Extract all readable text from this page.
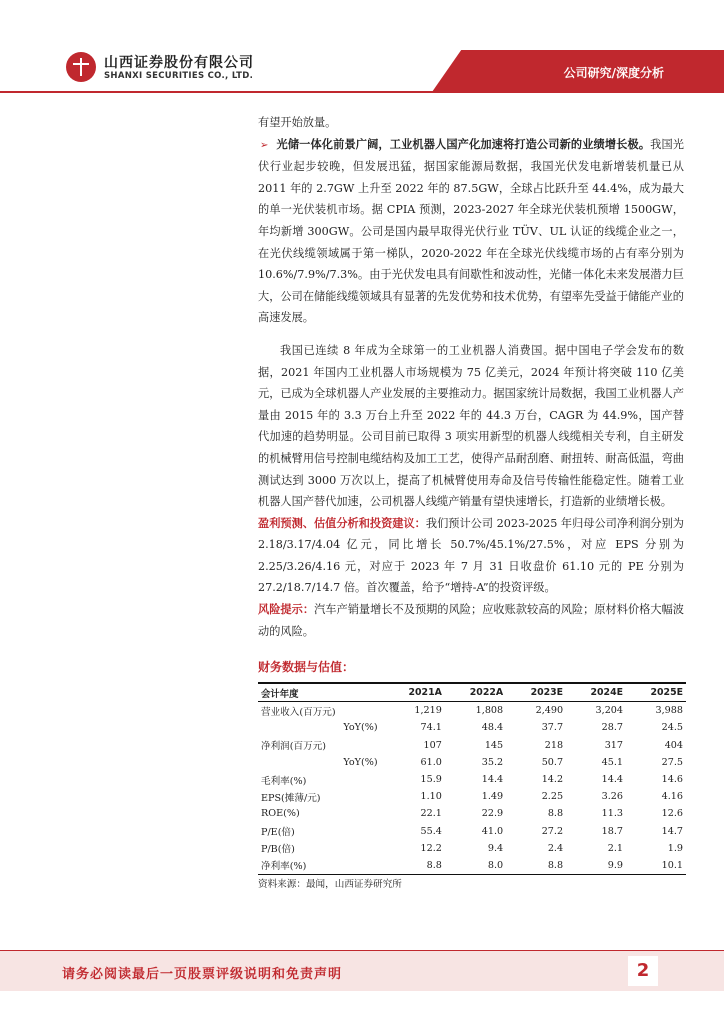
山西证券股份有限公司
SHANXI SECURITIES CO., LTD.	公司研究/深度分析

有望开始放量。

➢ 光储一体化前景广阔，工业机器人国产化加速将打造公司新的业绩增长极。我国光伏行业起步较晚，但发展迅猛，据国家能源局数据，我国光伏发电新增装机量已从 2011 年的 2.7GW 上升至 2022 年的 87.5GW，全球占比跃升至 44.4%，成为最大的单一光伏装机市场。据 CPIA 预测，2023-2027 年全球光伏装机预增 1500GW，年均新增 300GW。公司是国内最早取得光伏行业 TÜV、UL 认证的线缆企业之一，在光伏线缆领域属于第一梯队，2020-2022 年在全球光伏线缆市场的占有率分别为 10.6%/7.9%/7.3%。由于光伏发电具有间歇性和波动性，光储一体化未来发展潜力巨大，公司在储能线缆领域具有显著的先发优势和技术优势，有望率先受益于储能产业的高速发展。

我国已连续 8 年成为全球第一的工业机器人消费国。据中国电子学会发布的数据，2021 年国内工业机器人市场规模为 75 亿美元，2024 年预计将突破 110 亿美元，已成为全球机器人产业发展的主要推动力。据国家统计局数据，我国工业机器人产量由 2015 年的 3.3 万台上升至 2022 年的 44.3 万台，CAGR 为 44.9%，国产替代加速的趋势明显。公司目前已取得 3 项实用新型的机器人线缆相关专利，自主研发的机械臂用信号控制电缆结构及加工工艺，使得产品耐刮磨、耐扭转、耐高低温，弯曲测试达到 3000 万次以上，提高了机械臂使用寿命及信号传输性能稳定性。随着工业机器人国产替代加速，公司机器人线缆产销量有望快速增长，打造新的业绩增长极。

盈利预测、估值分析和投资建议：我们预计公司 2023-2025 年归母公司净利润分别为 2.18/3.17/4.04 亿元，同比增长 50.7%/45.1%/27.5%，对应 EPS 分别为 2.25/3.26/4.16 元，对应于 2023 年 7 月 31 日收盘价 61.10 元的 PE 分别为 27.2/18.7/14.7 倍。首次覆盖，给予“增持-A”的投资评级。

风险提示：汽车产销量增长不及预期的风险；应收账款较高的风险；原材料价格大幅波动的风险。

财务数据与估值：
会计年度	2021A	2022A	2023E	2024E	2025E
营业收入(百万元)	1,219	1,808	2,490	3,204	3,988
YoY(%)	74.1	48.4	37.7	28.7	24.5
净利润(百万元)	107	145	218	317	404
YoY(%)	61.0	35.2	50.7	45.1	27.5
毛利率(%)	15.9	14.4	14.2	14.4	14.6
EPS(摊薄/元)	1.10	1.49	2.25	3.26	4.16
ROE(%)	22.1	22.9	8.8	11.3	12.6
P/E(倍)	55.4	41.0	27.2	18.7	14.7
P/B(倍)	12.2	9.4	2.4	2.1	1.9
净利率(%)	8.8	8.0	8.8	9.9	10.1
资料来源：最闻，山西证券研究所
请务必阅读最后一页股票评级说明和免责声明	2
